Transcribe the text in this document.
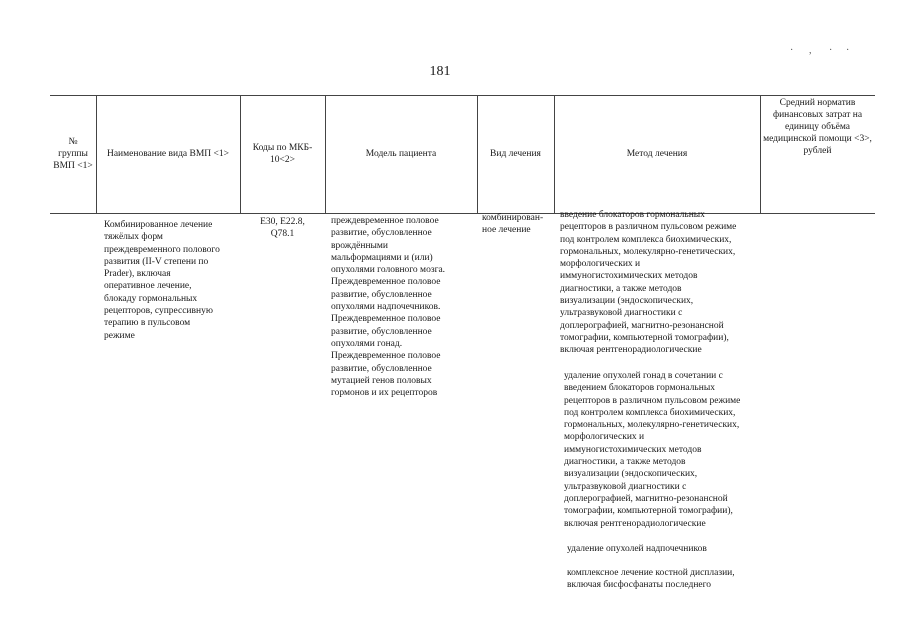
· , · ·
181
№ группы ВМП <1>
Наименование вида ВМП <1>
Коды по МКБ- 10<2>
Модель пациента	Вид лечения	Метод лечения
Средний норматив финансовых затрат на единицу объёма медицинской помощи <3>, рублей
Комбинированное лечение
тяжёлых форм
преждевременного полового
развития (II-V степени по
Prader), включая
оперативное лечение,
блокаду гормональных
рецепторов, супрессивную
терапию в пульсовом
режиме
E30, E22.8,
Q78.1
преждевременное половое
развитие, обусловленное
врождёнными
мальформациями и (или)
опухолями головного мозга.
Преждевременное половое
развитие, обусловленное
опухолями надпочечников.
Преждевременное половое
развитие, обусловленное
опухолями гонад.
Преждевременное половое
развитие, обусловленное
мутацией генов половых
гормонов и их рецепторов
комбинирован-
ное лечение
введение блокаторов гормональных
рецепторов в различном пульсовом режиме
под контролем комплекса биохимических,
гормональных, молекулярно-генетических,
морфологических и
иммуногистохимических методов
диагностики, а также методов
визуализации (эндоскопических,
ультразвуковой диагностики с
доплерографией, магнитно-резонансной
томографии, компьютерной томографии),
включая рентгенорадиологические
удаление опухолей гонад в сочетании с
введением блокаторов гормональных
рецепторов в различном пульсовом режиме
под контролем комплекса биохимических,
гормональных, молекулярно-генетических,
морфологических и
иммуногистохимических методов
диагностики, а также методов
визуализации (эндоскопических,
ультразвуковой диагностики с
доплерографией, магнитно-резонансной
томографии, компьютерной томографии),
включая рентгенорадиологические
удаление опухолей надпочечников
комплексное лечение костной дисплазии,
включая бисфосфанаты последнего
